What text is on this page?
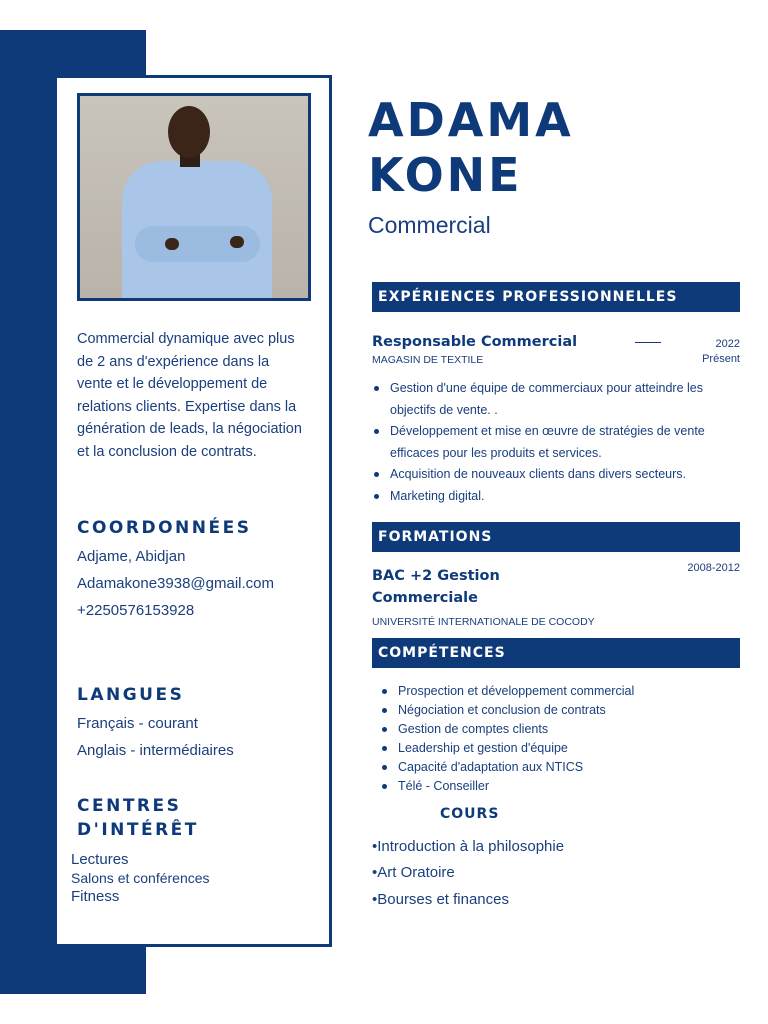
Commercial dynamique avec plus de 2 ans d'expérience dans la vente et le développement de relations clients. Expertise dans la génération de leads, la négociation et la conclusion de contrats.
COORDONNÉES
Adjame, Abidjan
Adamakone3938@gmail.com
+2250576153928
LANGUES
Français - courant
Anglais - intermédiaires
CENTRES
D'INTÉRÊT
Lectures
Salons et conférences
Fitness
ADAMA
KONE
Commercial
EXPÉRIENCES PROFESSIONNELLES
Responsable Commercial
MAGASIN DE TEXTILE
2022
Présent
Gestion d'une équipe de commerciaux pour atteindre les objectifs de vente. .
Développement et mise en œuvre de stratégies de vente efficaces pour les produits et services.
Acquisition de nouveaux clients dans divers secteurs.
Marketing digital.
FORMATIONS
BAC +2 Gestion Commerciale
2008-2012
UNIVERSITÉ INTERNATIONALE DE COCODY
COMPÉTENCES
Prospection et développement commercial
Négociation et conclusion de contrats
Gestion de comptes clients
Leadership et gestion d'équipe
Capacité d'adaptation aux NTICS
Télé - Conseiller
COURS
•Introduction à la philosophie
•Art Oratoire
•Bourses et finances
